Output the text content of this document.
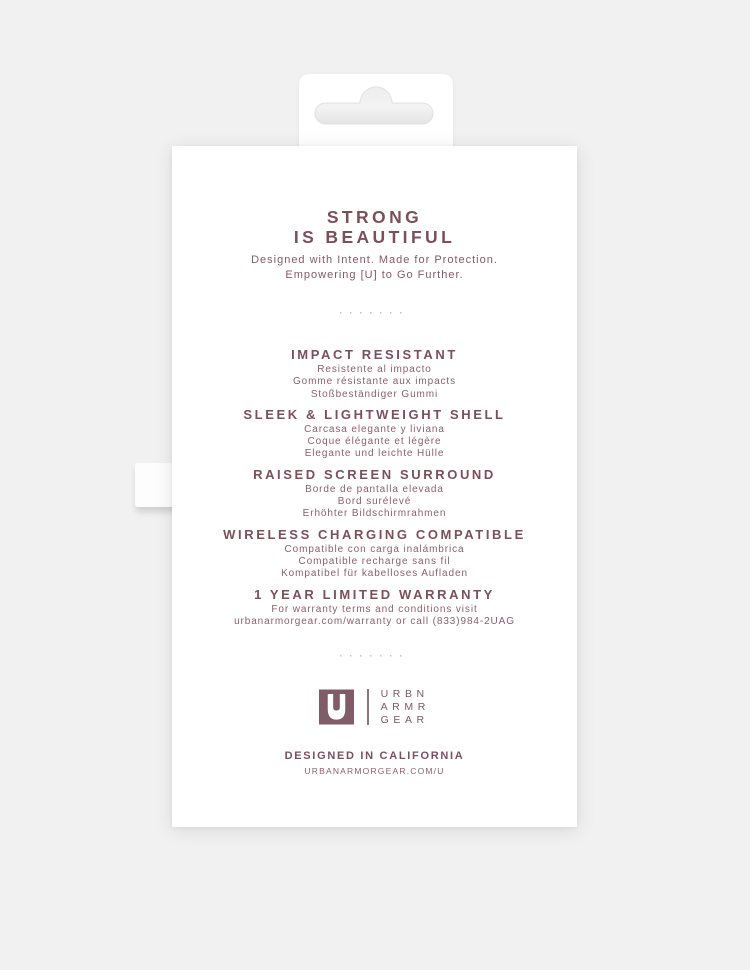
STRONG
IS BEAUTIFUL
Designed with Intent. Made for Protection.
Empowering [U] to Go Further.
·······
IMPACT RESISTANT
Resistente al impacto
Gomme résistante aux impacts
Stoßbeständiger Gummi
SLEEK & LIGHTWEIGHT SHELL
Carcasa elegante y liviana
Coque élégante et légère
Elegante und leichte Hülle
RAISED SCREEN SURROUND
Borde de pantalla elevada
Bord surélevé
Erhöhter Bildschirmrahmen
WIRELESS CHARGING COMPATIBLE
Compatible con carga inalámbrica
Compatible recharge sans fil
Kompatibel für kabelloses Aufladen
1 YEAR LIMITED WARRANTY
For warranty terms and conditions visit
urbanarmorgear.com/warranty or call (833)984-2UAG
·······
URBN
ARMR
GEAR
DESIGNED IN CALIFORNIA
URBANARMORGEAR.COM/U
